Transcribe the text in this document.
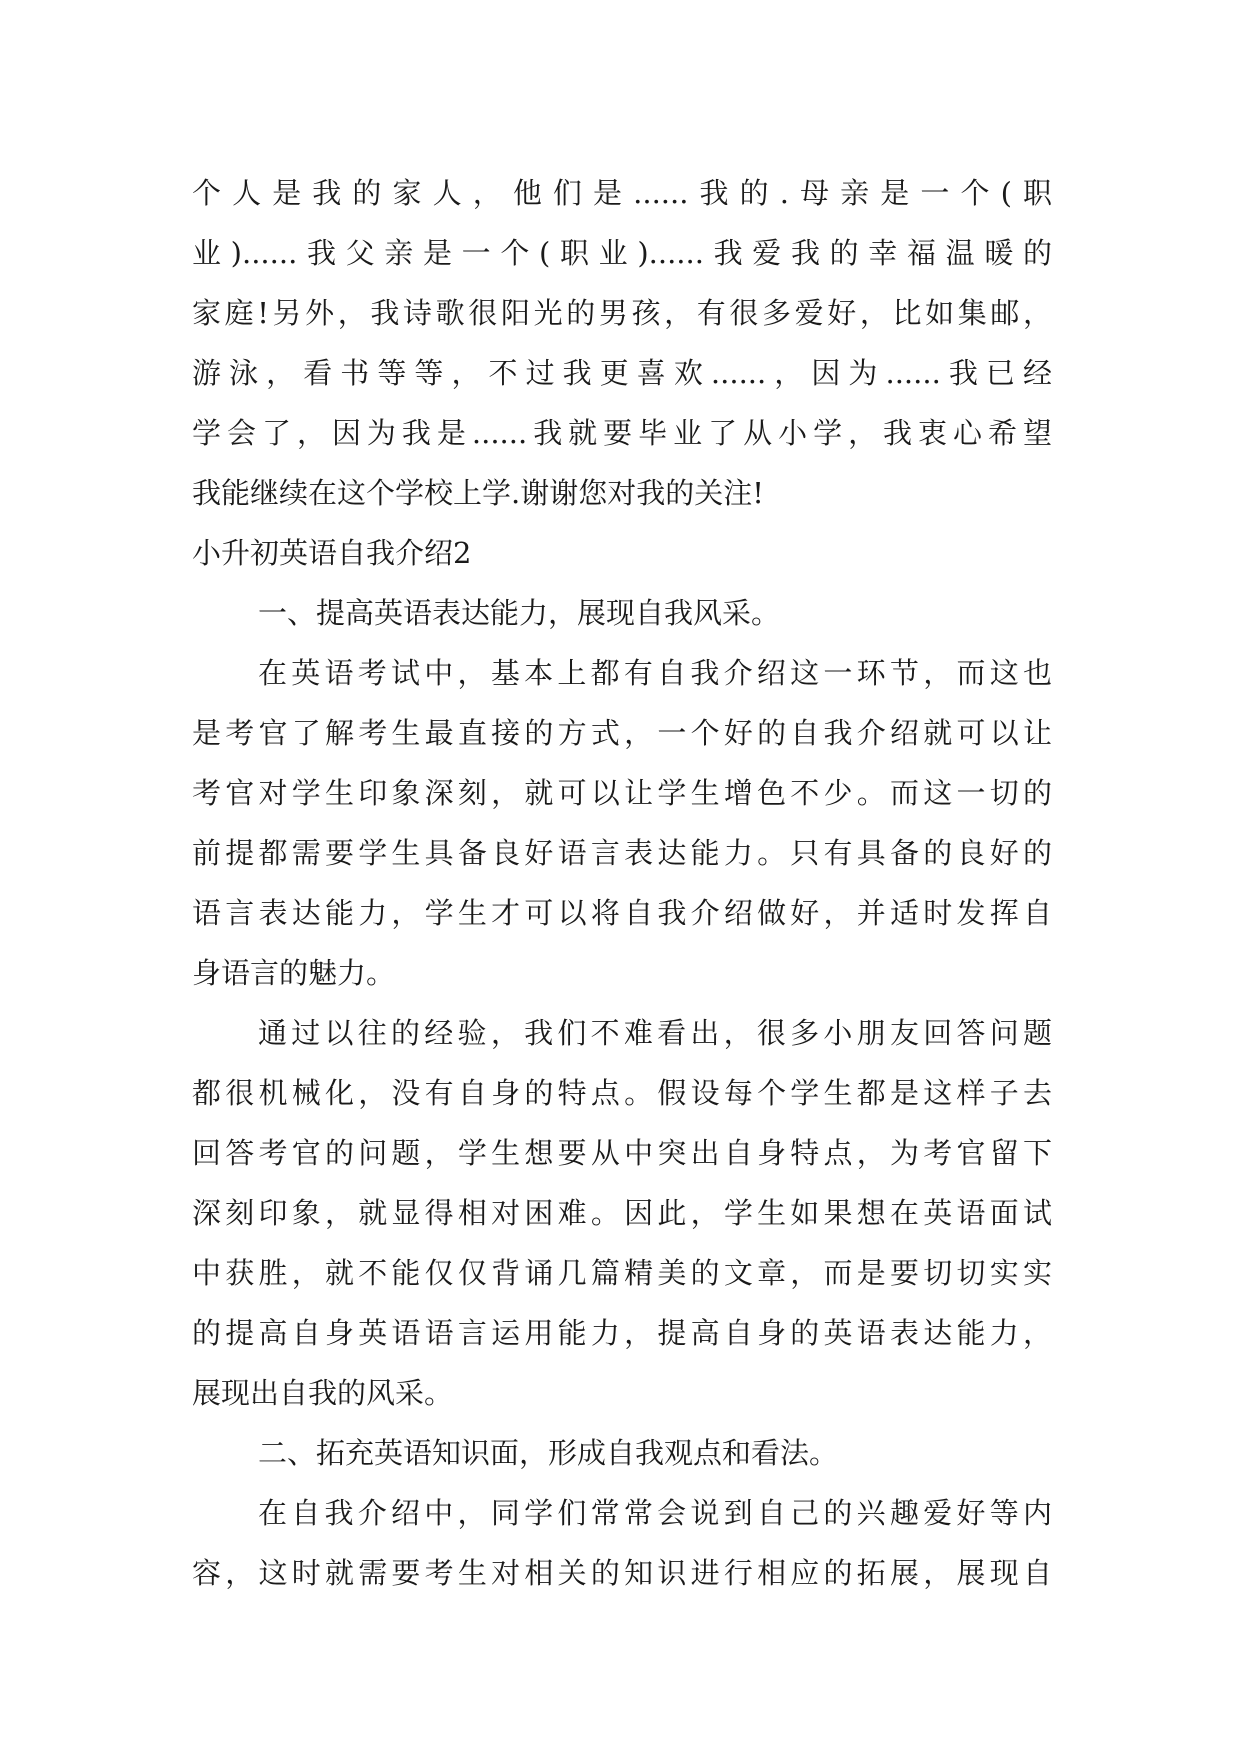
个人是我的家人，他们是......我的.母亲是一个(职
业)......我父亲是一个(职业)......我爱我的幸福温暖的
家庭!另外，我诗歌很阳光的男孩，有很多爱好，比如集邮，
游泳，看书等等，不过我更喜欢......，因为......我已经
学会了，因为我是......我就要毕业了从小学，我衷心希望
我能继续在这个学校上学.谢谢您对我的关注!
小升初英语自我介绍2
一、提高英语表达能力，展现自我风采。
在英语考试中，基本上都有自我介绍这一环节，而这也
是考官了解考生最直接的方式，一个好的自我介绍就可以让
考官对学生印象深刻，就可以让学生增色不少。而这一切的
前提都需要学生具备良好语言表达能力。只有具备的良好的
语言表达能力，学生才可以将自我介绍做好，并适时发挥自
身语言的魅力。
通过以往的经验，我们不难看出，很多小朋友回答问题
都很机械化，没有自身的特点。假设每个学生都是这样子去
回答考官的问题，学生想要从中突出自身特点，为考官留下
深刻印象，就显得相对困难。因此，学生如果想在英语面试
中获胜，就不能仅仅背诵几篇精美的文章，而是要切切实实
的提高自身英语语言运用能力，提高自身的英语表达能力，
展现出自我的风采。
二、拓充英语知识面，形成自我观点和看法。
在自我介绍中，同学们常常会说到自己的兴趣爱好等内
容，这时就需要考生对相关的知识进行相应的拓展，展现自
